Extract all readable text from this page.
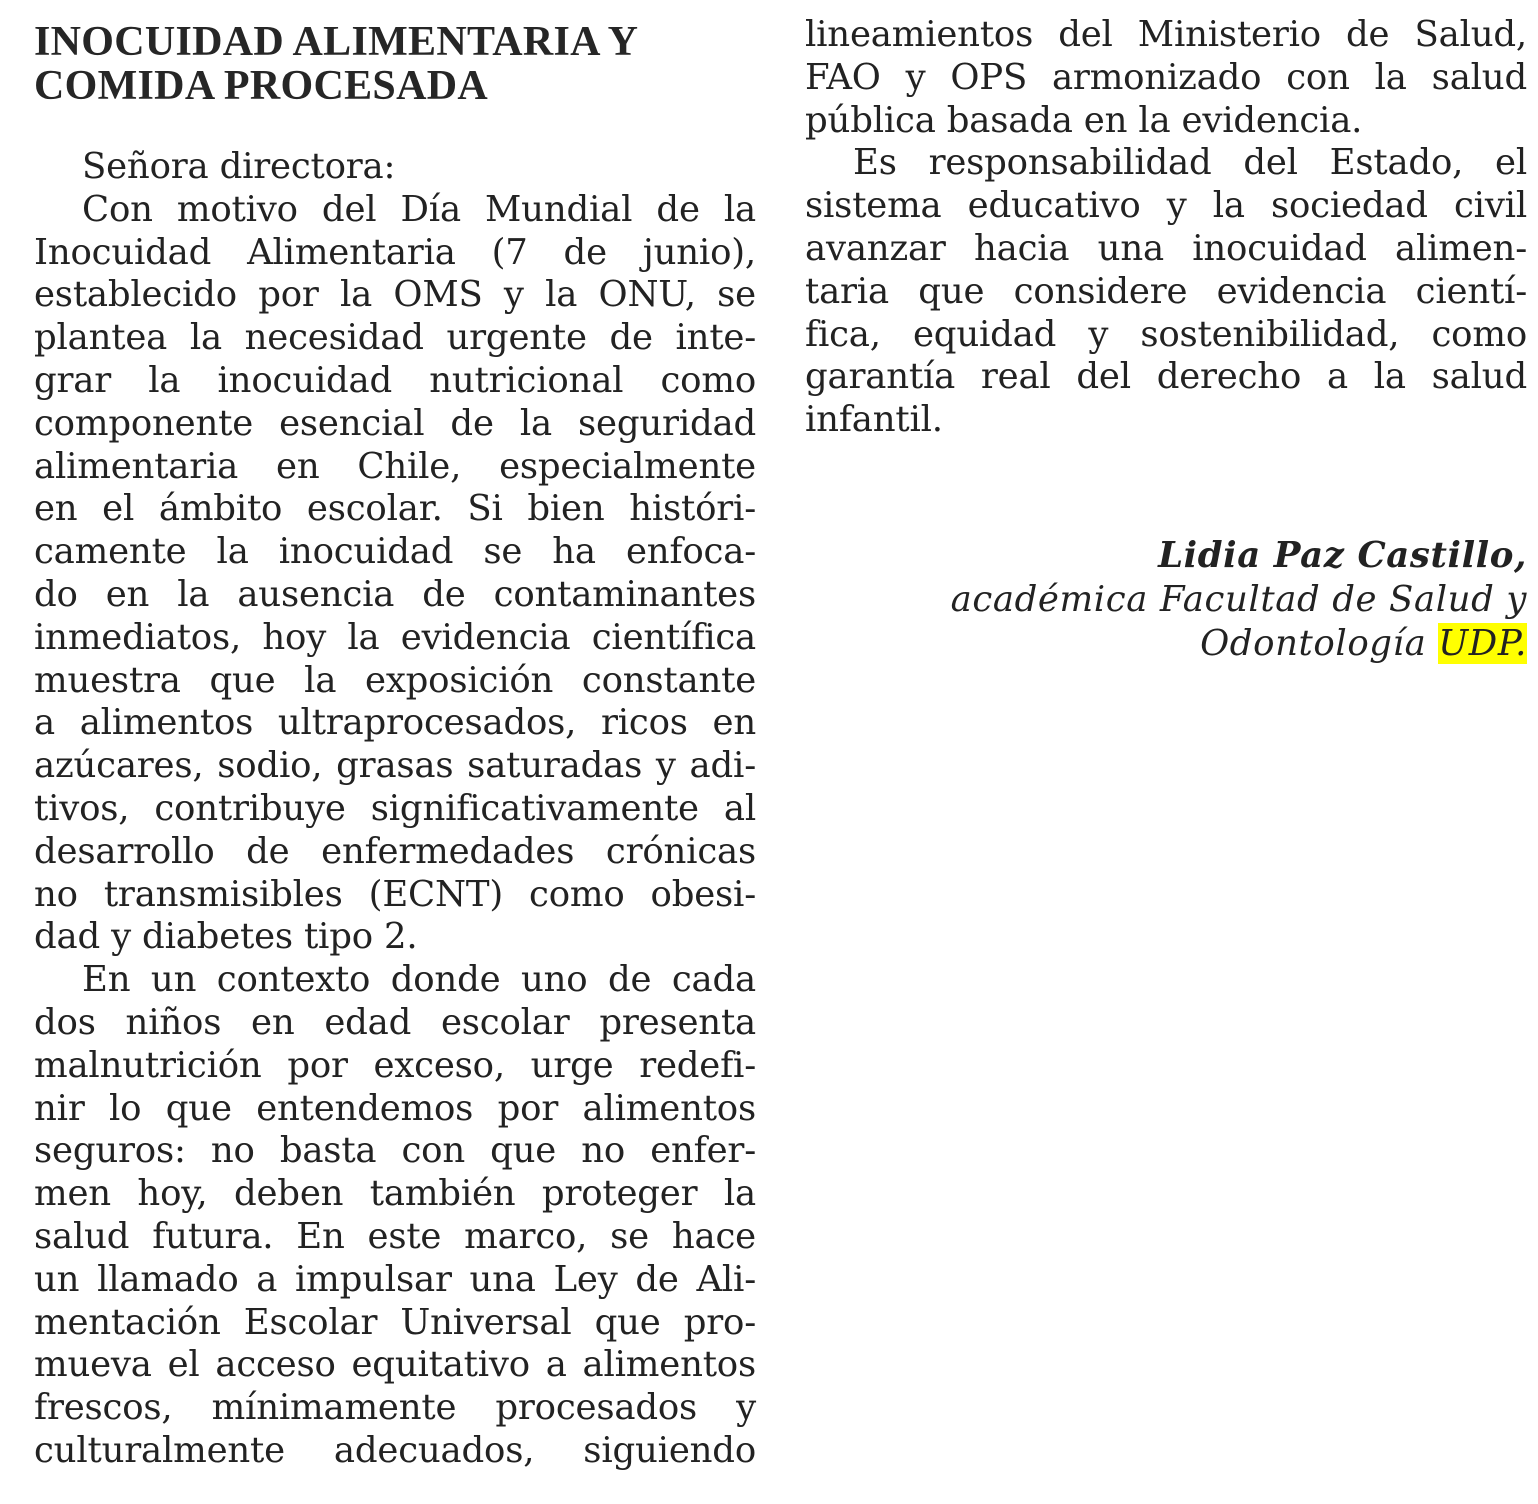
INOCUIDAD ALIMENTARIA Y
COMIDA PROCESADA
Señora directora:
Con motivo del Día Mundial de la
Inocuidad Alimentaria (7 de junio),
establecido por la OMS y la ONU, se
plantea la necesidad urgente de inte-
grar la inocuidad nutricional como
componente esencial de la seguridad
alimentaria en Chile, especialmente
en el ámbito escolar. Si bien históri-
camente la inocuidad se ha enfoca-
do en la ausencia de contaminantes
inmediatos, hoy la evidencia científica
muestra que la exposición constante
a alimentos ultraprocesados, ricos en
azúcares, sodio, grasas saturadas y adi-
tivos, contribuye significativamente al
desarrollo de enfermedades crónicas
no transmisibles (ECNT) como obesi-
dad y diabetes tipo 2.
En un contexto donde uno de cada
dos niños en edad escolar presenta
malnutrición por exceso, urge redefi-
nir lo que entendemos por alimentos
seguros: no basta con que no enfer-
men hoy, deben también proteger la
salud futura. En este marco, se hace
un llamado a impulsar una Ley de Ali-
mentación Escolar Universal que pro-
mueva el acceso equitativo a alimentos
frescos, mínimamente procesados y
culturalmente adecuados, siguiendo
lineamientos del Ministerio de Salud,
FAO y OPS armonizado con la salud
pública basada en la evidencia.
Es responsabilidad del Estado, el
sistema educativo y la sociedad civil
avanzar hacia una inocuidad alimen-
taria que considere evidencia cientí-
fica, equidad y sostenibilidad, como
garantía real del derecho a la salud
infantil.
Lidia Paz Castillo,
académica Facultad de Salud y
Odontología UDP.
